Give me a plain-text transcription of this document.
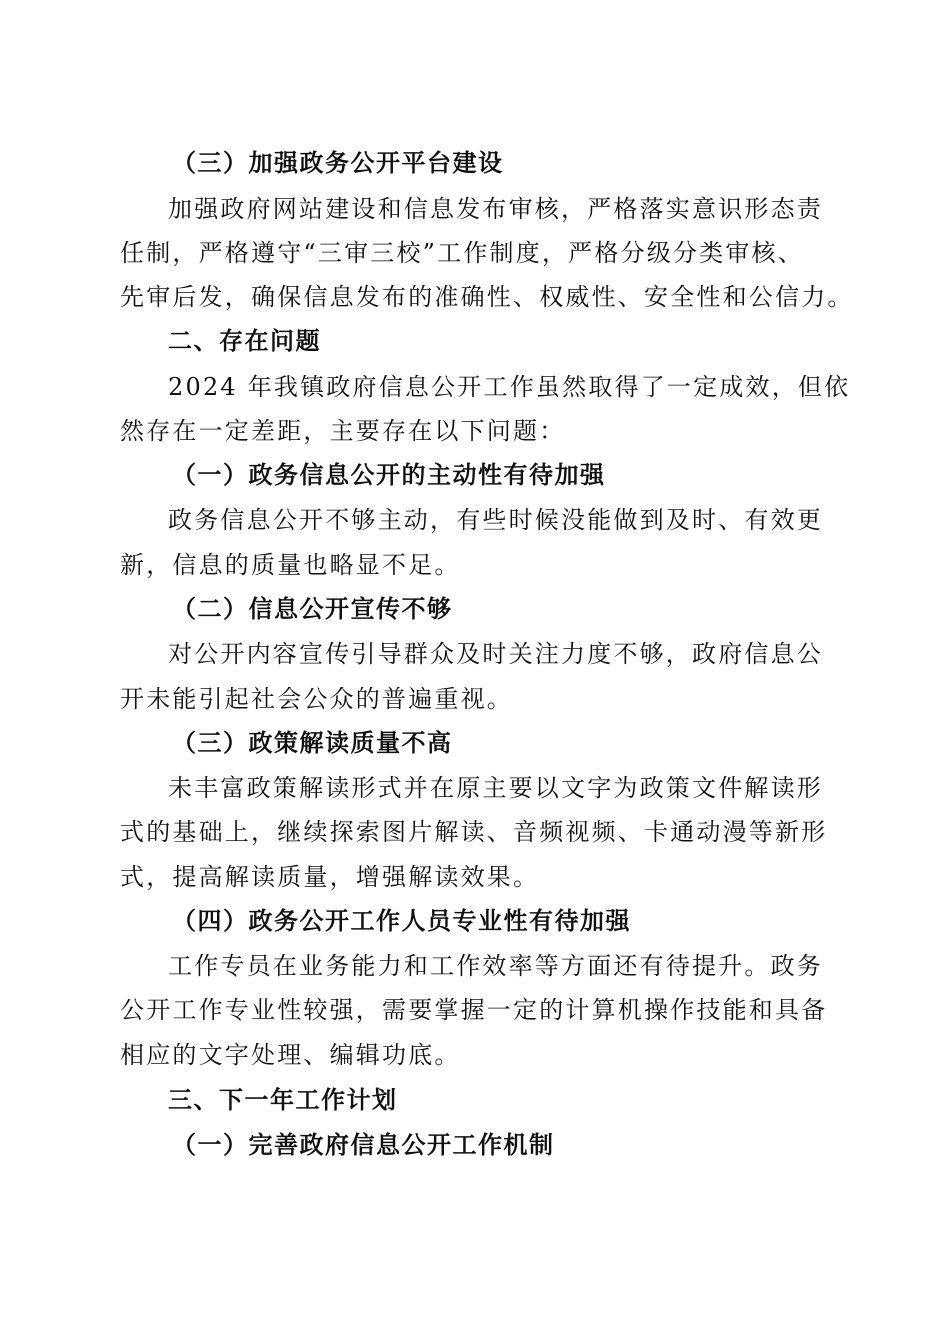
（三）加强政务公开平台建设
加强政府网站建设和信息发布审核，严格落实意识形态责
任制，严格遵守“三审三校”工作制度，严格分级分类审核、
先审后发，确保信息发布的准确性、权威性、安全性和公信力。
二、存在问题
2024 年我镇政府信息公开工作虽然取得了一定成效，但依
然存在一定差距，主要存在以下问题：
（一）政务信息公开的主动性有待加强
政务信息公开不够主动，有些时候没能做到及时、有效更
新，信息的质量也略显不足。
（二）信息公开宣传不够
对公开内容宣传引导群众及时关注力度不够，政府信息公
开未能引起社会公众的普遍重视。
（三）政策解读质量不高
未丰富政策解读形式并在原主要以文字为政策文件解读形
式的基础上，继续探索图片解读、音频视频、卡通动漫等新形
式，提高解读质量，增强解读效果。
（四）政务公开工作人员专业性有待加强
工作专员在业务能力和工作效率等方面还有待提升。政务
公开工作专业性较强，需要掌握一定的计算机操作技能和具备
相应的文字处理、编辑功底。
三、下一年工作计划
（一）完善政府信息公开工作机制
